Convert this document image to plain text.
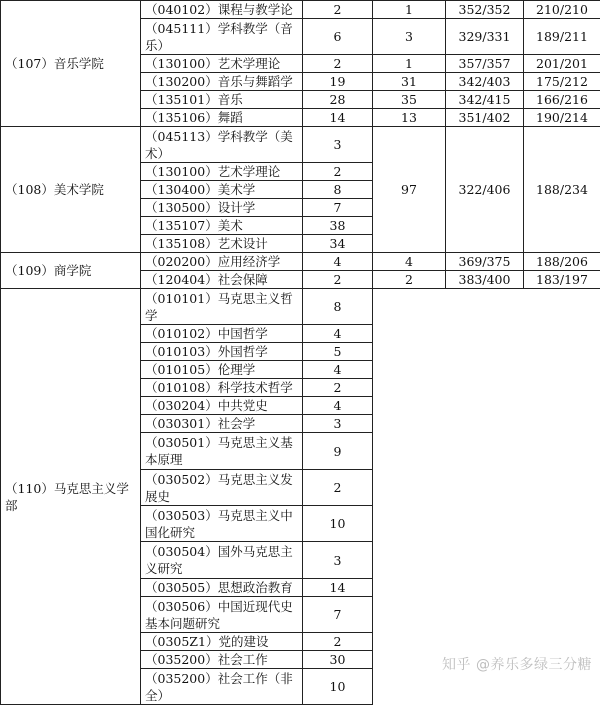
（107）音乐学院	（040102）课程与教学论	2	1	352/352	210/210
	（045111）学科教学（音乐）	6	3	329/331	189/211
	（130100）艺术学理论	2	1	357/357	201/201
	（130200）音乐与舞蹈学	19	31	342/403	175/212
	（135101）音乐	28	35	342/415	166/216
	（135106）舞蹈	14	13	351/402	190/214
（108）美术学院	（045113）学科教学（美术）	3	97	322/406	188/234
	（130100）艺术学理论	2			
	（130400）美术学	8			
	（130500）设计学	7			
	（135107）美术	38			
	（135108）艺术设计	34			
（109）商学院	（020200）应用经济学	4	4	369/375	188/206
	（120404）社会保障	2	2	383/400	183/197
（110）马克思主义学部	（010101）马克思主义哲学	8			
	（010102）中国哲学	4			
	（010103）外国哲学	5			
	（010105）伦理学	4			
	（010108）科学技术哲学	2			
	（030204）中共党史	4			
	（030301）社会学	3			
	（030501）马克思主义基本原理	9			
	（030502）马克思主义发展史	2			
	（030503）马克思主义中国化研究	10			
	（030504）国外马克思主义研究	3			
	（030505）思想政治教育	14			
	（030506）中国近现代史基本问题研究	7			
	（0305Z1）党的建设	2			
	（035200）社会工作	30			
	（035200）社会工作（非全）	10			
知乎 @养乐多绿三分糖
